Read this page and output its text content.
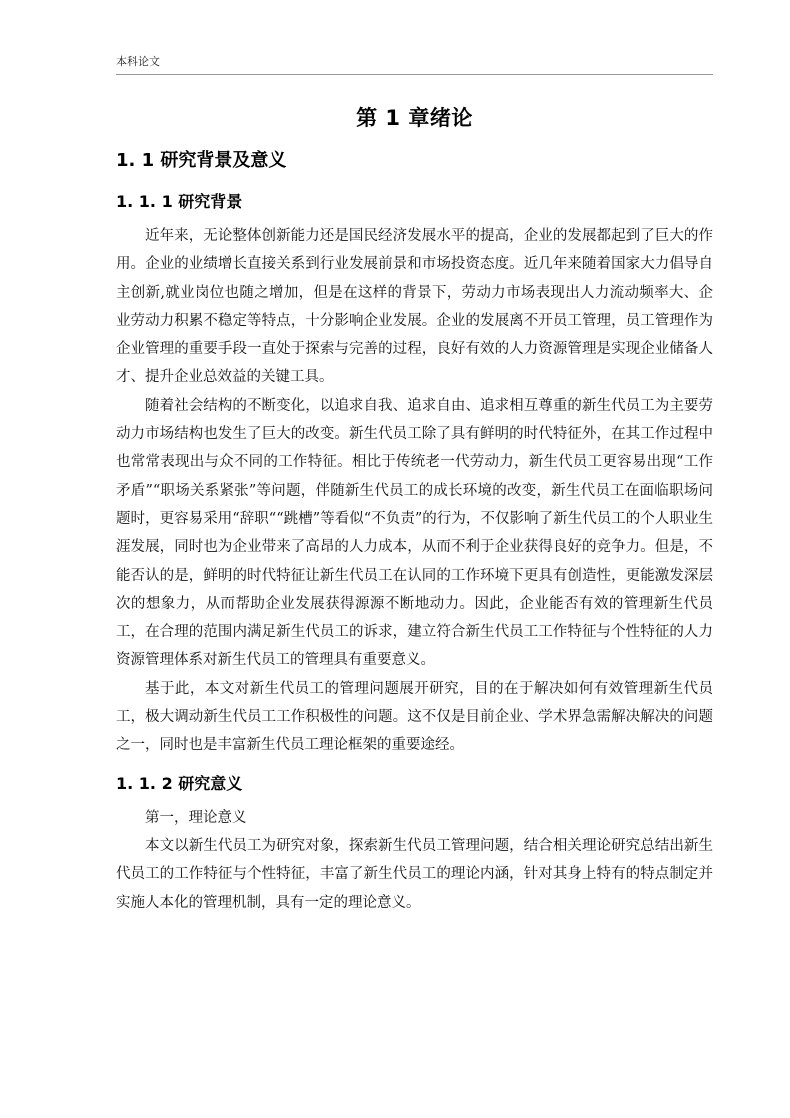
本科论文
第 1 章绪论
1. 1 研究背景及意义
1. 1. 1 研究背景

近年来，无论整体创新能力还是国民经济发展水平的提高，企业的发展都起到了巨大的作用。企业的业绩增长直接关系到行业发展前景和市场投资态度。近几年来随着国家大力倡导自主创新,就业岗位也随之增加，但是在这样的背景下，劳动力市场表现出人力流动频率大、企业劳动力积累不稳定等特点，十分影响企业发展。企业的发展离不开员工管理，员工管理作为企业管理的重要手段一直处于探索与完善的过程，良好有效的人力资源管理是实现企业储备人才、提升企业总效益的关键工具。

随着社会结构的不断变化，以追求自我、追求自由、追求相互尊重的新生代员工为主要劳动力市场结构也发生了巨大的改变。新生代员工除了具有鲜明的时代特征外，在其工作过程中也常常表现出与众不同的工作特征。相比于传统老一代劳动力，新生代员工更容易出现“工作矛盾”“职场关系紧张”等问题，伴随新生代员工的成长环境的改变，新生代员工在面临职场问题时，更容易采用“辞职““跳槽”等看似“不负责”的行为，不仅影响了新生代员工的个人职业生涯发展，同时也为企业带来了高昂的人力成本，从而不利于企业获得良好的竞争力。但是，不能否认的是，鲜明的时代特征让新生代员工在认同的工作环境下更具有创造性，更能激发深层次的想象力，从而帮助企业发展获得源源不断地动力。因此，企业能否有效的管理新生代员工，在合理的范围内满足新生代员工的诉求，建立符合新生代员工工作特征与个性特征的人力资源管理体系对新生代员工的管理具有重要意义。

基于此，本文对新生代员工的管理问题展开研究，目的在于解决如何有效管理新生代员工，极大调动新生代员工工作积极性的问题。这不仅是目前企业、学术界急需解决解决的问题之一，同时也是丰富新生代员工理论框架的重要途经。

1. 1. 2 研究意义

第一，理论意义

本文以新生代员工为研究对象，探索新生代员工管理问题，结合相关理论研究总结出新生代员工的工作特征与个性特征，丰富了新生代员工的理论内涵，针对其身上特有的特点制定并实施人本化的管理机制，具有一定的理论意义。
